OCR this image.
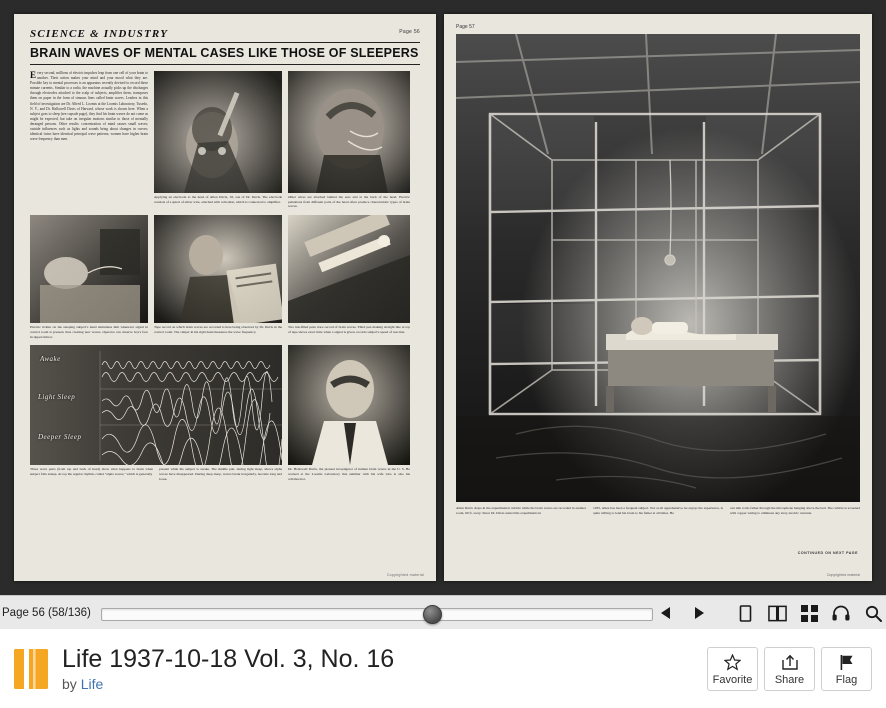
Page 56
SCIENCE & INDUSTRY
BRAIN WAVES OF MENTAL CASES LIKE THOSE OF SLEEPERS
Every second, millions of electric impulses leap from one cell of your brain to another. Their action makes your mind and your mood what they are. Possible key to mental processes is an apparatus recently devised to record these minute currents. Similar to a radio, the machine actually picks up the discharges through electrodes attached to the scalp of subjects, amplifies them, transposes them on paper in the form of sinuous lines called brain waves. Leaders in this field of investigation are Dr. Alfred L. Loomis at the Loomis Laboratory, Tuxedo, N. Y., and Dr. Hallowell Davis of Harvard, whose work is shown here. When a subject goes to sleep (see capsule page), they find his brain waves do not come as might be expected, but take on irregular motions similar to those of mentally deranged persons. Other results: concentration of mind causes small waves; outside influences such as lights and sounds bring about changes in curves; identical twins have identical principal wave patterns; women have higher brain wave frequency than men.
Applying an electrode to the head of Allen Davis, 18, son of Dr. Davis. The electrode consists of a spiral of silver wire, attached with collodion, which is connected to amplifier.
Other wires are attached behind the ears and at the back of the head. Electric pulsations from different parts of the head often produce characteristic types of brain waves.
Electric tickler on the sleeping subject's hand stimulates him whenever signal in control room is pressed, thus creating new waves. Operator can observe boy's face in tipped mirror.
Tape record on which brain waves are recorded is here being observed by Dr. Davis in the control room. The caliper in his right hand measures the wave frequency.
Two ink-filled pens trace record of brain waves. Third pen making straight line at top of tape shows exact time when a signal is given, records subject's speed of reaction.
Awake
Light Sleep
Deeper Sleep
Three wave pairs (from top and back of head) show what happens to brain when subject falls asleep. At top the regular rhythm, called "alpha waves," which is generally
present while the subject is awake. The middle pair, during light sleep, shows alpha waves have disappeared. During deep sleep, waves break irregularly, become long and loose.
Dr. Hallowell Davis, the pioneer investigator of human brain waves in the U. S. He worked at the Loomis Laboratory this summer with his wife who is also his collaborator.
Copyrighted material
Page 57
Allen Davis drops in the experimental cubicle while his brain waves are recorded in another room, 60 ft. away. Since Dr. Davis started his experiments in
1935, Allen has been a frequent subject. Not at all apprehensive, he enjoys the experience, is quite willing to lend his brain to his father at all times. He
can talk to his father through the microphone hanging above the bed. The cubicle is screened with copper wiring to eliminate any stray electric currents.
CONTINUED ON NEXT PAGE
Copyrighted material
Page 56 (58/136)
Life 1937-10-18 Vol. 3, No. 16
by Life	Favorite Share	Flag
